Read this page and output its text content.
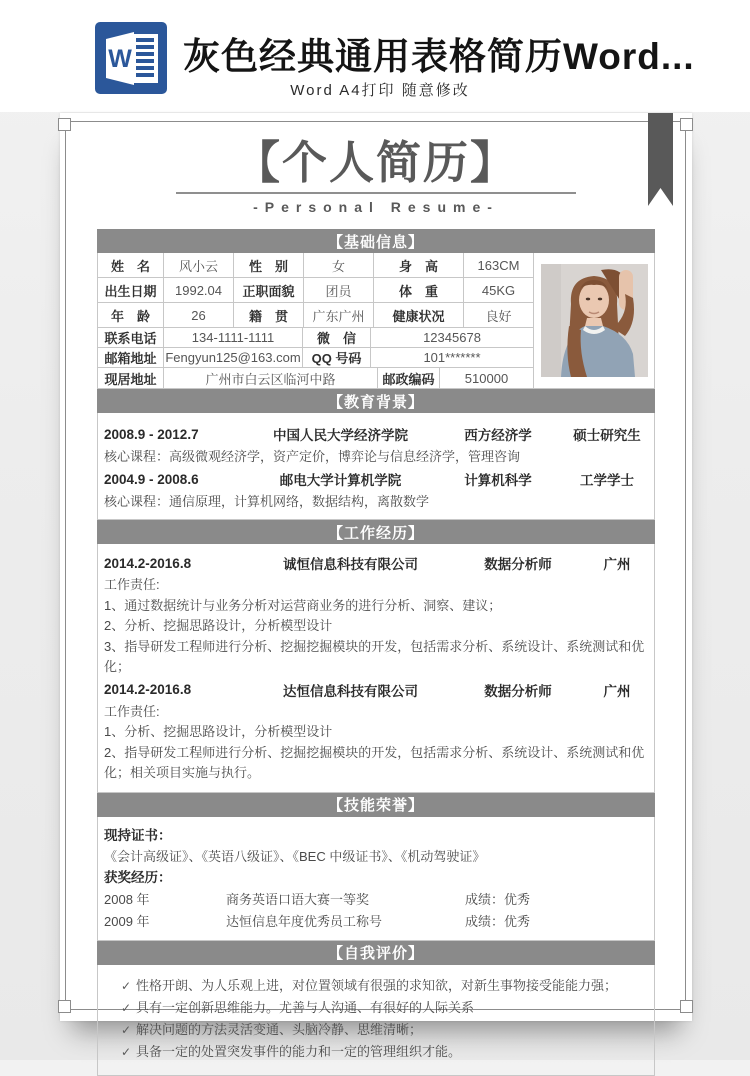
W 灰色经典通用表格简历Word...
Word A4打印 随意修改
【个人简历】
-Personal Resume-
【基础信息】
姓　名	风小云	性　别	女	身　高	163CM
出生日期	1992.04	正职面貌	团员	体　重	45KG
年　龄	26	籍　贯	广东广州	健康状况	良好
联系电话	134-1111-1111	微　信	12345678
邮箱地址 Fengyun125@163.com QQ 号码	101*******
现居地址	广州市白云区临河中路	邮政编码	510000
【教育背景】
2008.9 - 2012.7	中国人民大学经济学院	西方经济学	硕士研究生
核心课程：高级微观经济学，资产定价，博弈论与信息经济学，管理咨询
2004.9 - 2008.6	邮电大学计算机学院	计算机科学	工学学士
核心课程：通信原理，计算机网络，数据结构，离散数学
【工作经历】
2014.2-2016.8	诚恒信息科技有限公司	数据分析师	广州
工作责任:
1、通过数据统计与业务分析对运营商业务的进行分析、洞察、建议；
2、分析、挖掘思路设计，分析模型设计
3、指导研发工程师进行分析、挖掘挖掘模块的开发，包括需求分析、系统设计、系统测试和优化；
2014.2-2016.8	达恒信息科技有限公司	数据分析师	广州
工作责任:
1、分析、挖掘思路设计，分析模型设计
2、指导研发工程师进行分析、挖掘挖掘模块的开发，包括需求分析、系统设计、系统测试和优化；相关项目实施与执行。
【技能荣誉】
现持证书：
《会计高级证》、《英语八级证》、《BEC 中级证书》、《机动驾驶证》
获奖经历：
2008 年	商务英语口语大赛一等奖	成绩：优秀
2009 年	达恒信息年度优秀员工称号	成绩：优秀
【自我评价】
✓ 性格开朗、为人乐观上进，对位置领域有很强的求知欲，对新生事物接受能能力强；
✓ 具有一定创新思维能力。尤善与人沟通、有很好的人际关系
✓ 解决问题的方法灵活变通、头脑冷静、思维清晰；
✓ 具备一定的处置突发事件的能力和一定的管理组织才能。
